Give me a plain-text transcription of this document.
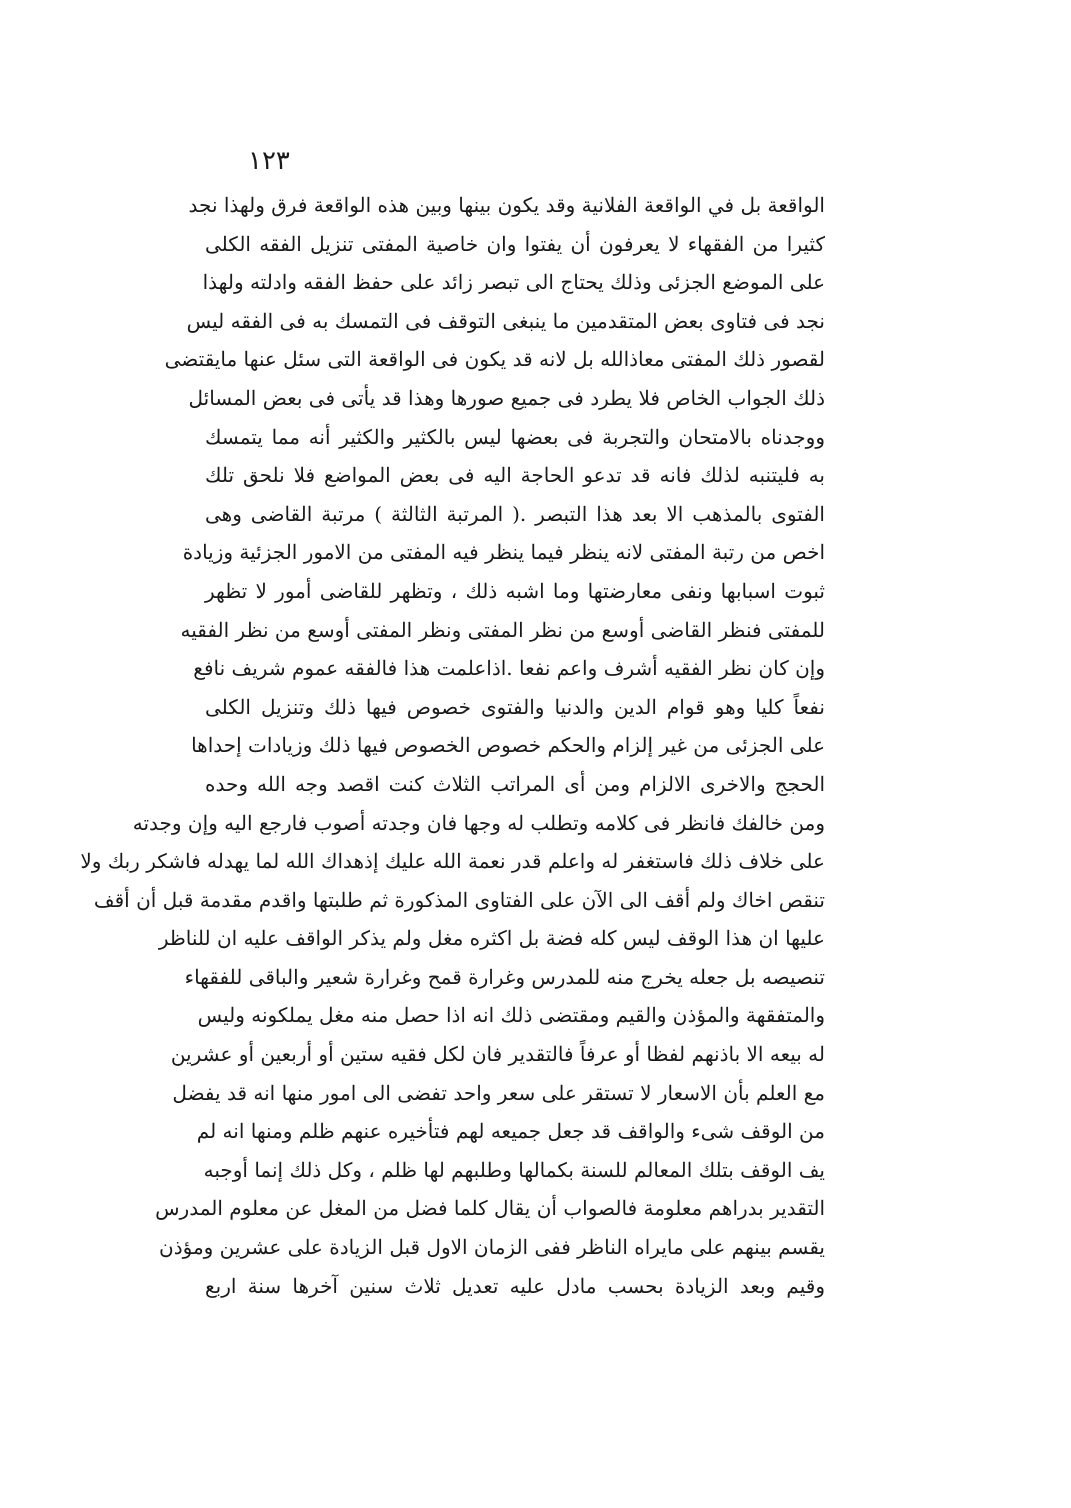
١٢٣
الواقعة بل في الواقعة الفلانية وقد يكون بينها وبين هذه الواقعة فرق ولهذا نجد
كثيرا من الفقهاء لا يعرفون أن يفتوا وان خاصية المفتى تنزيل الفقه الكلى
على الموضع الجزئى وذلك يحتاج الى تبصر زائد على حفظ الفقه وادلته ولهذا
نجد فى فتاوى بعض المتقدمين ما ينبغى التوقف فى التمسك به فى الفقه ليس
لقصور ذلك المفتى معاذالله بل لانه قد يكون فى الواقعة التى سئل عنها مايقتضى
ذلك الجواب الخاص فلا يطرد فى جميع صورها وهذا قد يأتى فى بعض المسائل
ووجدناه بالامتحان والتجربة فى بعضها ليس بالكثير والكثير أنه مما يتمسك
به فليتنبه لذلك فانه قد تدعو الحاجة اليه فى بعض المواضع فلا نلحق تلك
الفتوى بالمذهب الا بعد هذا التبصر .( المرتبة الثالثة ) مرتبة القاضى وهى
اخص من رتبة المفتى لانه ينظر فيما ينظر فيه المفتى من الامور الجزئية وزيادة
ثبوت اسبابها ونفى معارضتها وما اشبه ذلك ، وتظهر للقاضى أمور لا تظهر
للمفتى فنظر القاضى أوسع من نظر المفتى ونظر المفتى أوسع من نظر الفقيه
وإن كان نظر الفقيه أشرف واعم نفعا .اذاعلمت هذا فالفقه عموم شريف نافع
نفعاً كليا وهو قوام الدين والدنيا والفتوى خصوص فيها ذلك وتنزيل الكلى
على الجزئى من غير إلزام والحكم خصوص الخصوص فيها ذلك وزيادات إحداها
الحجج والاخرى الالزام ومن أى المراتب الثلاث كنت اقصد وجه الله وحده
ومن خالفك فانظر فى كلامه وتطلب له وجها فان وجدته أصوب فارجع اليه وإن وجدته
على خلاف ذلك فاستغفر له واعلم قدر نعمة الله عليك إذهداك الله لما يهدله فاشكر ربك ولا
تنقص اخاك ولم أقف الى الآن على الفتاوى المذكورة ثم طلبتها واقدم مقدمة قبل أن أقف
عليها ان هذا الوقف ليس كله فضة بل اكثره مغل ولم يذكر الواقف عليه ان للناظر
تنصيصه بل جعله يخرج منه للمدرس وغرارة قمح وغرارة شعير والباقى للفقهاء
والمتفقهة والمؤذن والقيم ومقتضى ذلك انه اذا حصل منه مغل يملكونه وليس
له بيعه الا باذنهم لفظا أو عرفاً فالتقدير فان لكل فقيه ستين أو أربعين أو عشرين
مع العلم بأن الاسعار لا تستقر على سعر واحد تفضى الى امور منها انه قد يفضل
من الوقف شىء والواقف قد جعل جميعه لهم فتأخيره عنهم ظلم ومنها انه لم
يف الوقف بتلك المعالم للسنة بكمالها وطلبهم لها ظلم ، وكل ذلك إنما أوجبه
التقدير بدراهم معلومة فالصواب أن يقال كلما فضل من المغل عن معلوم المدرس
يقسم بينهم على مايراه الناظر ففى الزمان الاول قبل الزيادة على عشرين ومؤذن
وقيم وبعد الزيادة بحسب مادل عليه تعديل ثلاث سنين آخرها سنة اربع
